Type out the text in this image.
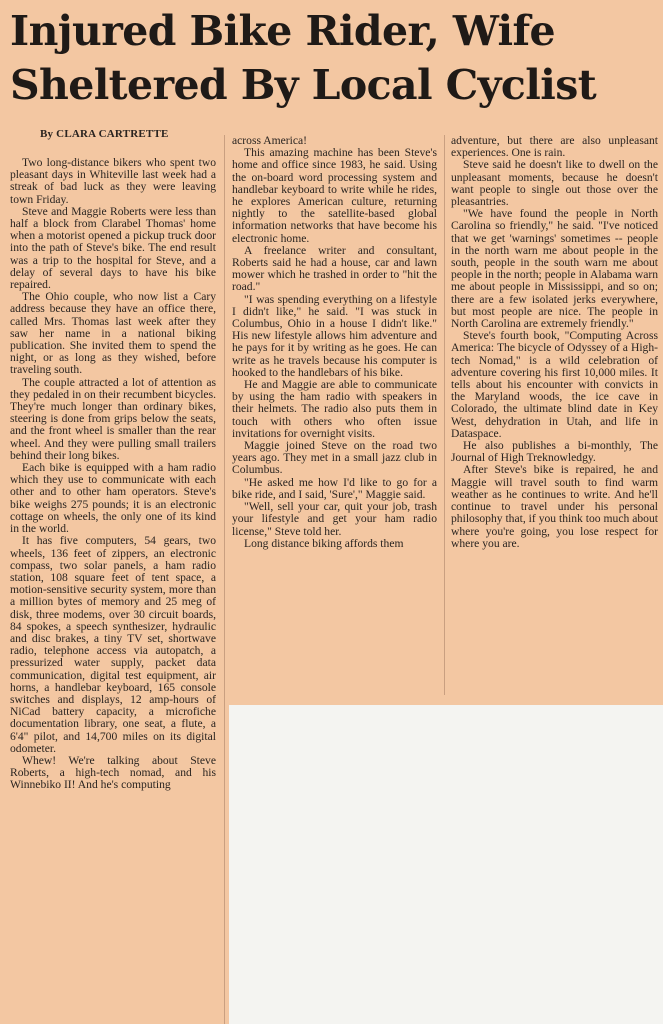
Injured Bike Rider, Wife
Sheltered By Local Cyclist
By CLARA CARTRETTE

Two long-distance bikers who spent two pleasant days in Whiteville last week had a streak of bad luck as they were leaving town Friday.

Steve and Maggie Roberts were less than half a block from Clarabel Thomas' home when a motorist opened a pickup truck door into the path of Steve's bike. The end result was a trip to the hospital for Steve, and a delay of several days to have his bike repaired.

The Ohio couple, who now list a Cary address because they have an office there, called Mrs. Thomas last week after they saw her name in a national biking publication. She invited them to spend the night, or as long as they wished, before traveling south.

The couple attracted a lot of attention as they pedaled in on their recumbent bicycles. They're much longer than ordinary bikes, steering is done from grips below the seats, and the front wheel is smaller than the rear wheel. And they were pulling small trailers behind their long bikes.

Each bike is equipped with a ham radio which they use to communicate with each other and to other ham operators. Steve's bike weighs 275 pounds; it is an electronic cottage on wheels, the only one of its kind in the world.

It has five computers, 54 gears, two wheels, 136 feet of zippers, an electronic compass, two solar panels, a ham radio station, 108 square feet of tent space, a motion-sensitive security system, more than a million bytes of memory and 25 meg of disk, three modems, over 30 circuit boards, 84 spokes, a speech synthesizer, hydraulic and disc brakes, a tiny TV set, shortwave radio, telephone access via autopatch, a pressurized water supply, packet data communication, digital test equipment, air horns, a handlebar keyboard, 165 console switches and displays, 12 amp-hours of NiCad battery capacity, a microfiche documentation library, one seat, a flute, a 6'4" pilot, and 14,700 miles on its digital odometer.

Whew! We're talking about Steve Roberts, a high-tech nomad, and his Winnebiko II! And he's computing

across America!

This amazing machine has been Steve's home and office since 1983, he said. Using the on-board word processing system and handlebar keyboard to write while he rides, he explores American culture, returning nightly to the satellite-based global information networks that have become his electronic home.

A freelance writer and consultant, Roberts said he had a house, car and lawn mower which he trashed in order to "hit the road."

"I was spending everything on a lifestyle I didn't like," he said. "I was stuck in Columbus, Ohio in a house I didn't like." His new lifestyle allows him adventure and he pays for it by writing as he goes. He can write as he travels because his computer is hooked to the handlebars of his bike.

He and Maggie are able to communicate by using the ham radio with speakers in their helmets. The radio also puts them in touch with others who often issue invitations for overnight visits.

Maggie joined Steve on the road two years ago. They met in a small jazz club in Columbus.

"He asked me how I'd like to go for a bike ride, and I said, 'Sure'," Maggie said.

"Well, sell your car, quit your job, trash your lifestyle and get your ham radio license," Steve told her.

Long distance biking affords them

adventure, but there are also unpleasant experiences. One is rain.

Steve said he doesn't like to dwell on the unpleasant moments, because he doesn't want people to single out those over the pleasantries.

"We have found the people in North Carolina so friendly," he said. "I've noticed that we get 'warnings' sometimes -- people in the north warn me about people in the south, people in the south warn me about people in the north; people in Alabama warn me about people in Mississippi, and so on; there are a few isolated jerks everywhere, but most people are nice. The people in North Carolina are extremely friendly."

Steve's fourth book, "Computing Across America: The bicycle of Odyssey of a High-tech Nomad," is a wild celebration of adventure covering his first 10,000 miles. It tells about his encounter with convicts in the Maryland woods, the ice cave in Colorado, the ultimate blind date in Key West, dehydration in Utah, and life in Dataspace.

He also publishes a bi-monthly, The Journal of High Treknowledgy.

After Steve's bike is repaired, he and Maggie will travel south to find warm weather as he continues to write. And he'll continue to travel under his personal philosophy that, if you think too much about where you're going, you lose respect for where you are.
